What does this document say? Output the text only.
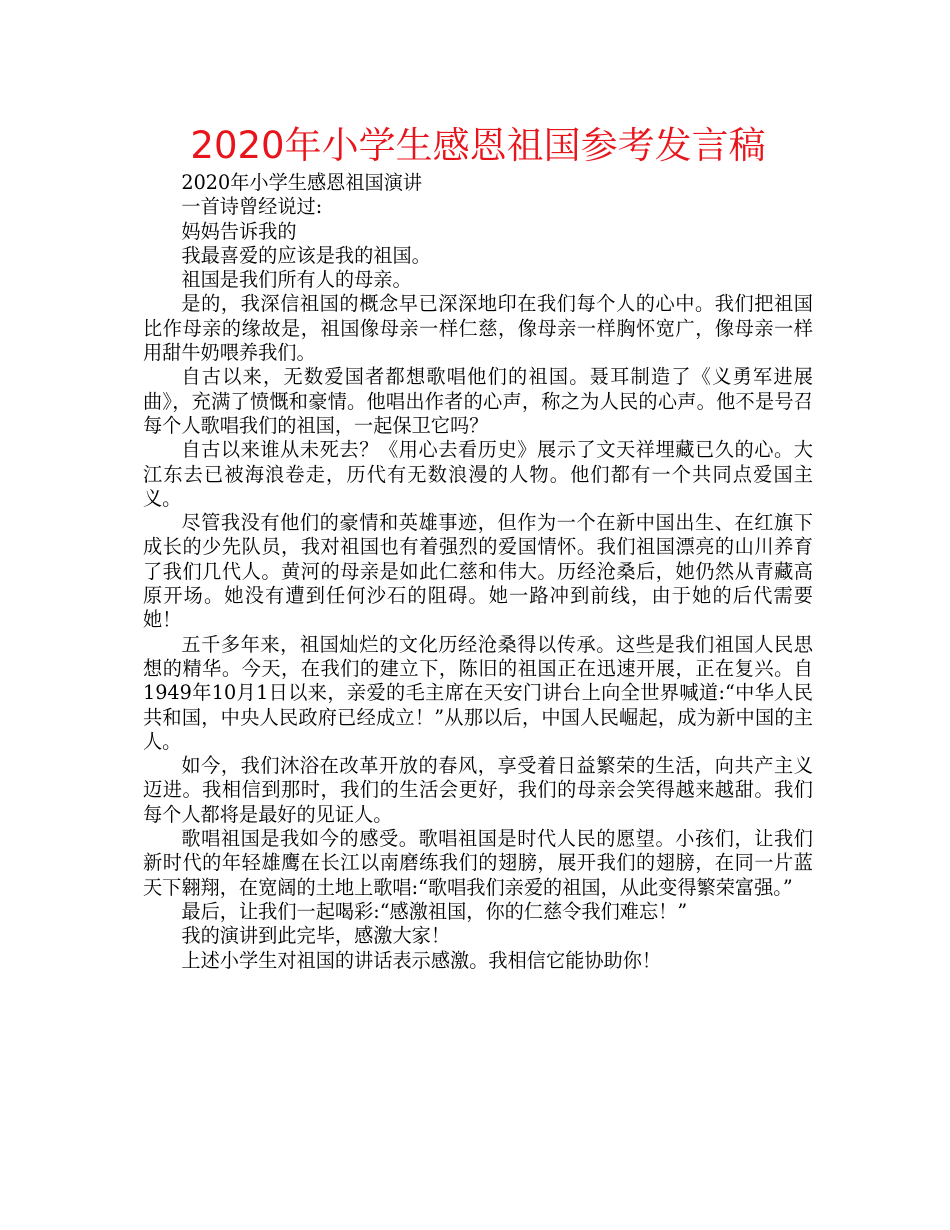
2020年小学生感恩祖国参考发言稿

2020年小学生感恩祖国演讲

一首诗曾经说过:

妈妈告诉我的

我最喜爱的应该是我的祖国。

祖国是我们所有人的母亲。

是的，我深信祖国的概念早已深深地印在我们每个人的心中。我们把祖国比作母亲的缘故是，祖国像母亲一样仁慈，像母亲一样胸怀宽广，像母亲一样用甜牛奶喂养我们。

自古以来，无数爱国者都想歌唱他们的祖国。聂耳制造了《义勇军进展曲》，充满了愤慨和豪情。他唱出作者的心声，称之为人民的心声。他不是号召每个人歌唱我们的祖国，一起保卫它吗？

自古以来谁从未死去？《用心去看历史》展示了文天祥埋藏已久的心。大江东去已被海浪卷走，历代有无数浪漫的人物。他们都有一个共同点爱国主义。

尽管我没有他们的豪情和英雄事迹，但作为一个在新中国出生、在红旗下成长的少先队员，我对祖国也有着强烈的爱国情怀。我们祖国漂亮的山川养育了我们几代人。黄河的母亲是如此仁慈和伟大。历经沧桑后，她仍然从青藏高原开场。她没有遭到任何沙石的阻碍。她一路冲到前线，由于她的后代需要她！

五千多年来，祖国灿烂的文化历经沧桑得以传承。这些是我们祖国人民思想的精华。今天，在我们的建立下，陈旧的祖国正在迅速开展，正在复兴。自1949年10月1日以来，亲爱的毛主席在天安门讲台上向全世界喊道:“中华人民共和国，中央人民政府已经成立！”从那以后，中国人民崛起，成为新中国的主人。

如今，我们沐浴在改革开放的春风，享受着日益繁荣的生活，向共产主义迈进。我相信到那时，我们的生活会更好，我们的母亲会笑得越来越甜。我们每个人都将是最好的见证人。

歌唱祖国是我如今的感受。歌唱祖国是时代人民的愿望。小孩们，让我们新时代的年轻雄鹰在长江以南磨练我们的翅膀，展开我们的翅膀，在同一片蓝天下翱翔，在宽阔的土地上歌唱:“歌唱我们亲爱的祖国，从此变得繁荣富强。”

最后，让我们一起喝彩:“感激祖国，你的仁慈令我们难忘！”

我的演讲到此完毕，感激大家！

上述小学生对祖国的讲话表示感激。我相信它能协助你！
